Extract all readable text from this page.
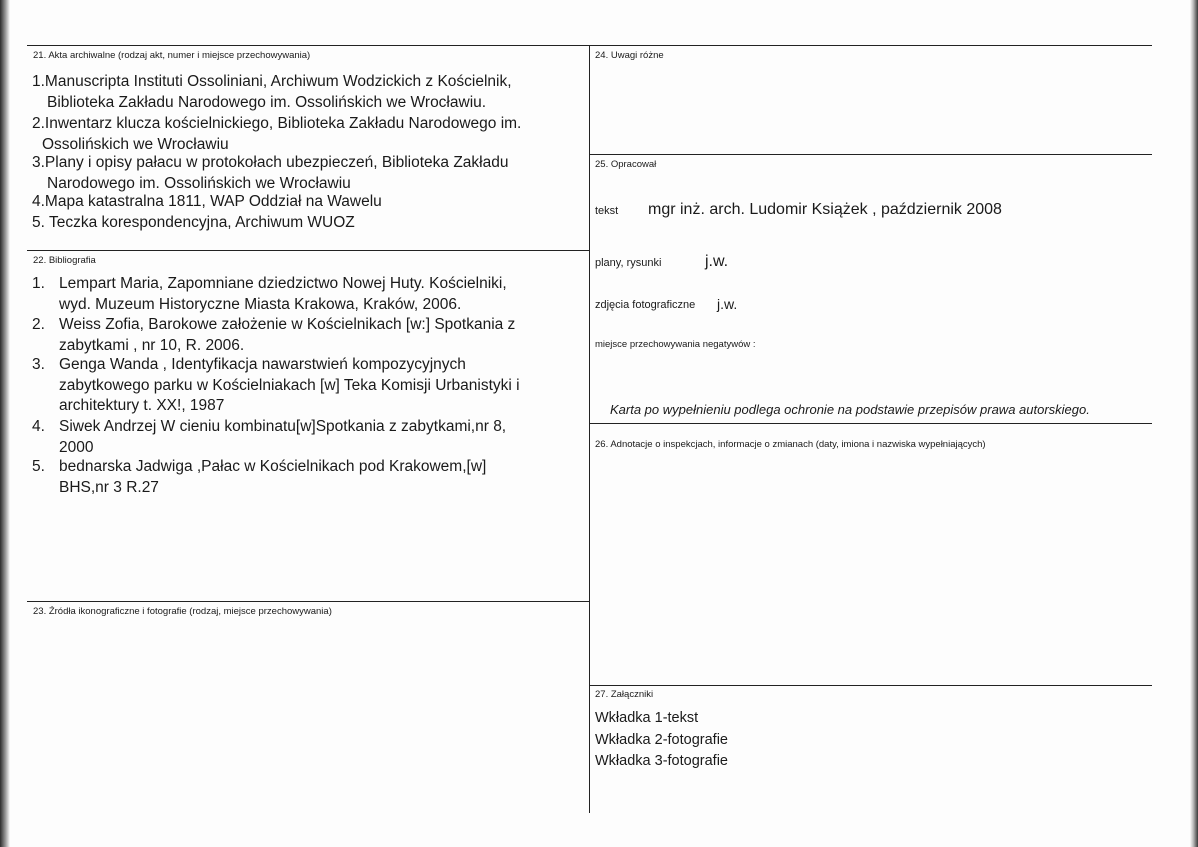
21. Akta archiwalne (rodzaj akt, numer i miejsce przechowywania)
1.Manuscripta Instituti Ossoliniani, Archiwum Wodzickich z Kościelnik,
Biblioteka Zakładu Narodowego im. Ossolińskich we Wrocławiu.
2.Inwentarz klucza kościelnickiego, Biblioteka Zakładu Narodowego im.
Ossolińskich we Wrocławiu
3.Plany i opisy pałacu w protokołach ubezpieczeń, Biblioteka Zakładu
Narodowego im. Ossolińskich we Wrocławiu
4.Mapa katastralna 1811, WAP Oddział na Wawelu
5. Teczka korespondencyjna, Archiwum WUOZ
22. Bibliografia
1. Lempart Maria, Zapomniane dziedzictwo Nowej Huty. Kościelniki,
wyd. Muzeum Historyczne Miasta Krakowa, Kraków, 2006.
2. Weiss Zofia, Barokowe założenie w Kościelnikach [w:] Spotkania z
zabytkami , nr 10, R. 2006.
3. Genga Wanda , Identyfikacja nawarstwień kompozycyjnych
zabytkowego parku w Kościelniakach [w] Teka Komisji Urbanistyki i
architektury t. XX!, 1987
4. Siwek Andrzej W cieniu kombinatu[w]Spotkania z zabytkami,nr 8,
2000
5. bednarska Jadwiga ,Pałac w Kościelnikach pod Krakowem,[w]
BHS,nr 3 R.27
23. Źródła ikonograficzne i fotografie (rodzaj, miejsce przechowywania)
24. Uwagi różne
25. Opracował
tekst mgr inż. arch. Ludomir Książek , październik 2008
plany, rysunki	j.w.
zdjęcia fotograficzne j.w.
miejsce przechowywania negatywów :
Karta po wypełnieniu podlega ochronie na podstawie przepisów prawa autorskiego.
26. Adnotacje o inspekcjach, informacje o zmianach (daty, imiona i nazwiska wypełniających)
27. Załączniki
Wkładka 1-tekst
Wkładka 2-fotografie
Wkładka 3-fotografie
